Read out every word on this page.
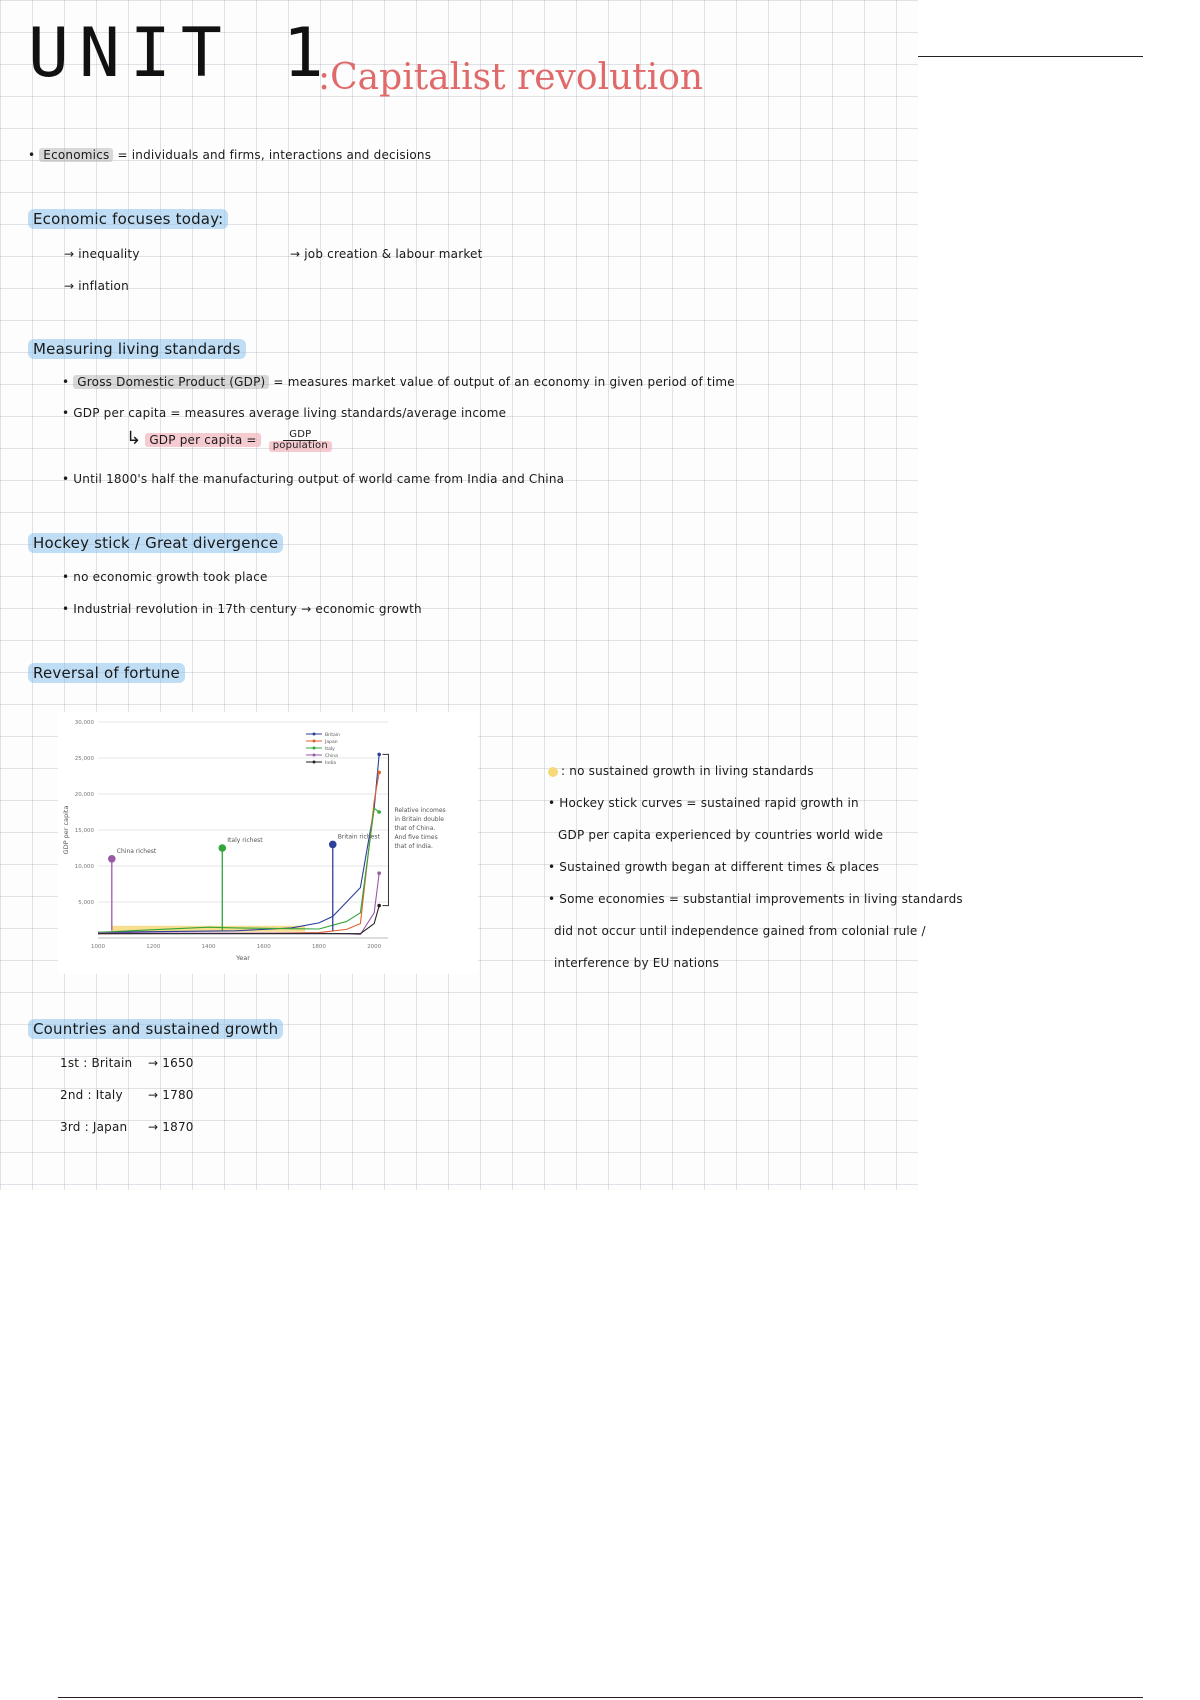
UNIT 1
:Capitalist revolution
• Economics = individuals and firms, interactions and decisions
Economic focuses today:
→ inequality
→ inflation
→ job creation & labour market
Measuring living standards
• Gross Domestic Product (GDP) = measures market value of output of an economy in given period of time
• GDP per capita = measures average living standards/average income
↳ GDP per capita = $\frac{\text{GDP}}{\text{population}}$
• Until 1800's half the manufacturing output of world came from India and China
Hockey stick / Great divergence
• no economic growth took place
• Industrial revolution in 17th century → economic growth
Reversal of fortune
30,000
25,000
20,000
15,000
10,000
5,000
1000	1200	1400	1600	1800	2000
Year
GDP per capita	China richest
Italy richest
Britain richest
Relative incomes
in Britain double
that of China.
And five times
that of India.
Britain
Japan
Italy
China
India
: no sustained growth in living standards
• Hockey stick curves = sustained rapid growth in
GDP per capita experienced by countries world wide
• Sustained growth began at different times & places
• Some economies = substantial improvements in living standards
did not occur until independence gained from colonial rule /
interference by EU nations
Countries and sustained growth
1st : Britain → 1650
2nd : Italy → 1780
3rd : Japan → 1870
